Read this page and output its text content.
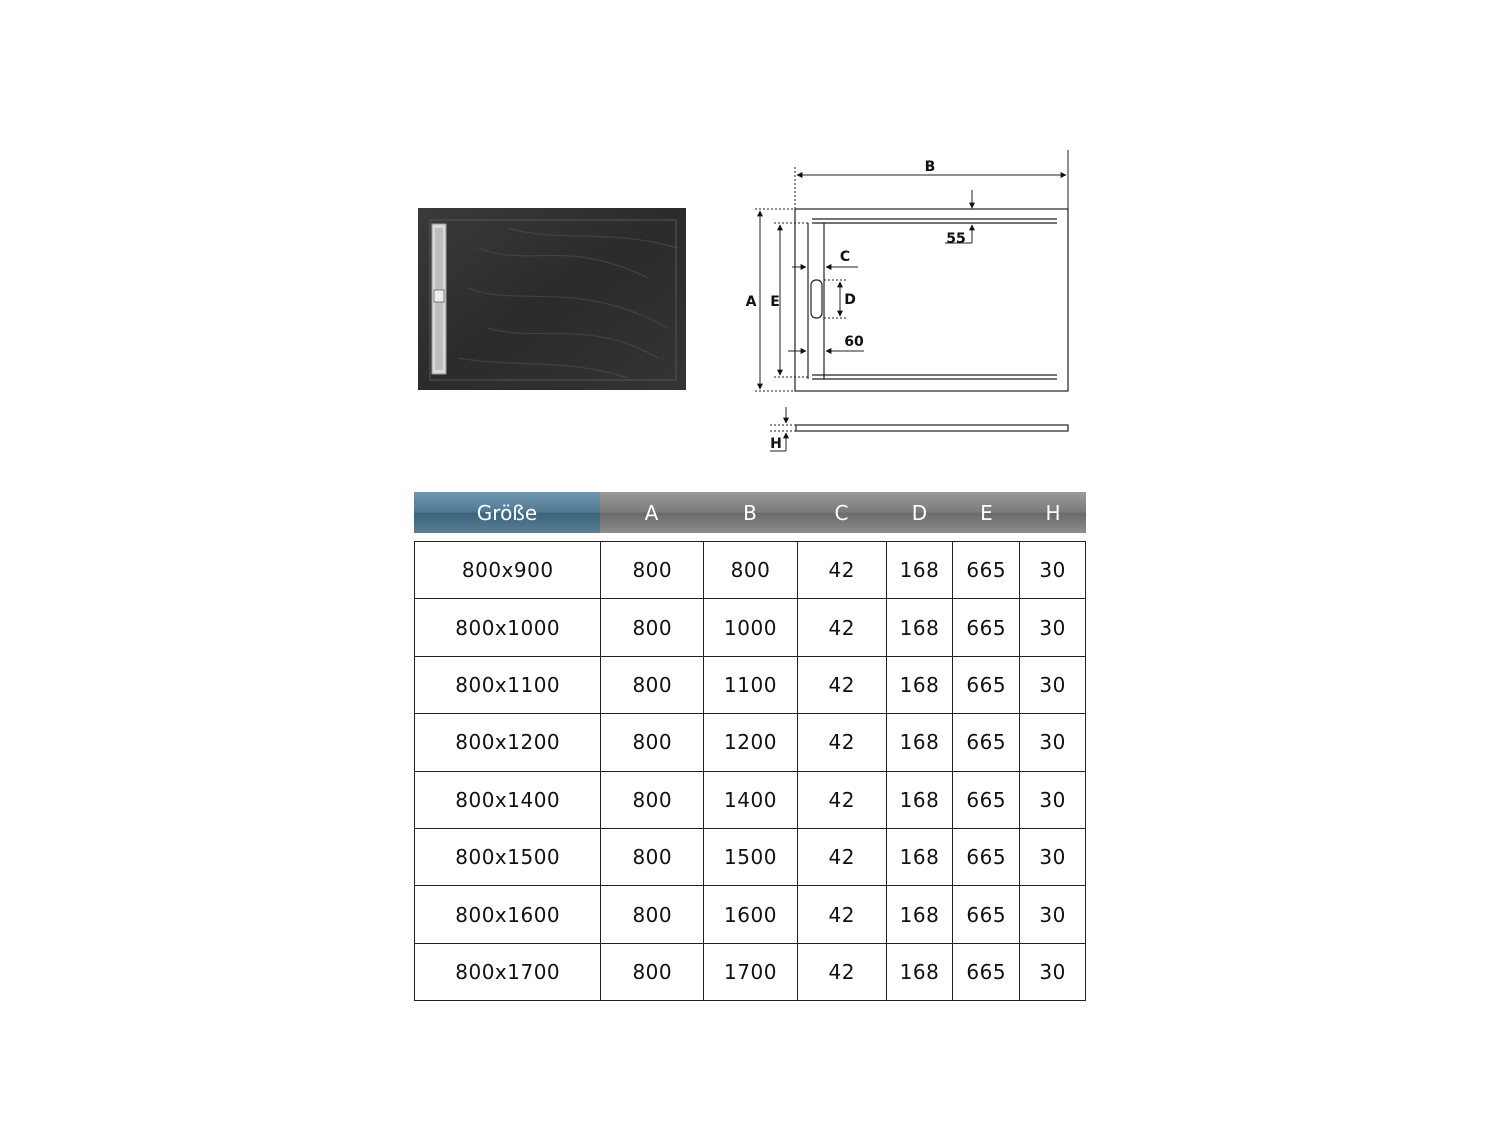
B
A E
55
C
D
60
H
Größe	A	B	C	D	E	H
800x900	800	800	42	168	665	30
800x1000	800	1000	42	168	665	30
800x1100	800	1100	42	168	665	30
800x1200	800	1200	42	168	665	30
800x1400	800	1400	42	168	665	30
800x1500	800	1500	42	168	665	30
800x1600	800	1600	42	168	665	30
800x1700	800	1700	42	168	665	30
